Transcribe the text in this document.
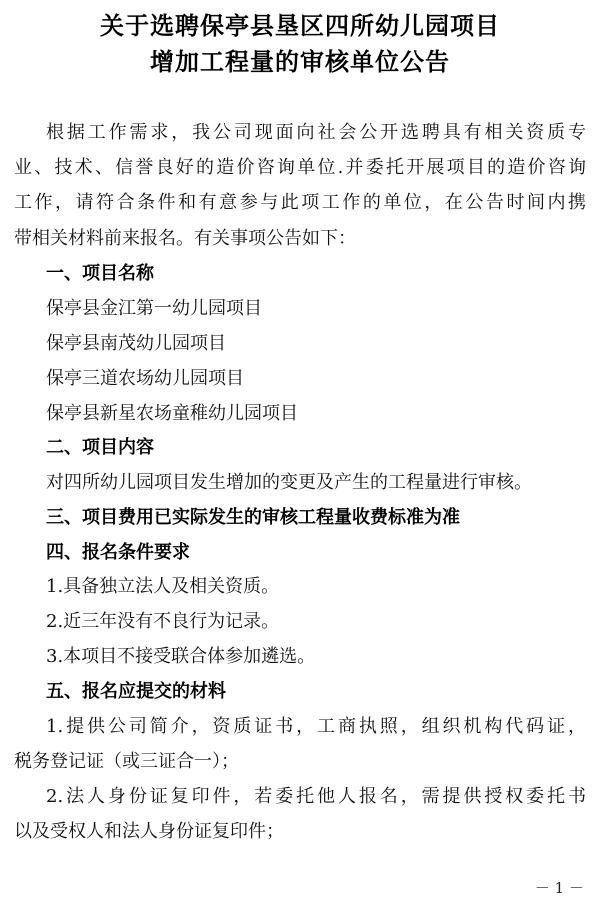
关于选聘保亭县垦区四所幼儿园项目
增加工程量的审核单位公告
根据工作需求，我公司现面向社会公开选聘具有相关资质专
业、技术、信誉良好的造价咨询单位.并委托开展项目的造价咨询
工作，请符合条件和有意参与此项工作的单位，在公告时间内携
带相关材料前来报名。有关事项公告如下：
一、项目名称
保亭县金江第一幼儿园项目
保亭县南茂幼儿园项目
保亭三道农场幼儿园项目
保亭县新星农场童稚幼儿园项目
二、项目内容
对四所幼儿园项目发生增加的变更及产生的工程量进行审核。
三、项目费用已实际发生的审核工程量收费标准为准
四、报名条件要求
1.具备独立法人及相关资质。
2.近三年没有不良行为记录。
3.本项目不接受联合体参加遴选。
五、报名应提交的材料
1.提供公司简介，资质证书，工商执照，组织机构代码证，
税务登记证（或三证合一）；
2.法人身份证复印件，若委托他人报名，需提供授权委托书
以及受权人和法人身份证复印件；
－ 1 －
